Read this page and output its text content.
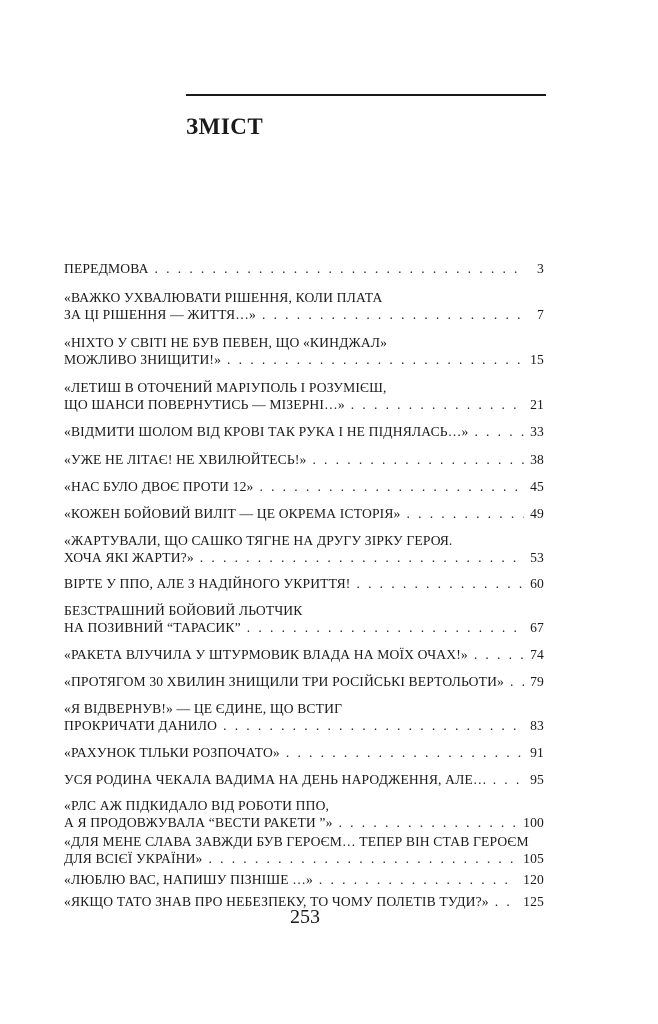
ЗМІСТ
ПЕРЕДМОВА . . .	3
«ВАЖКО УХВАЛЮВАТИ РІШЕННЯ, КОЛИ ПЛАТА
ЗА ЦІ РІШЕННЯ — ЖИТТЯ…» . . .	7
«НІХТО У СВІТІ НЕ БУВ ПЕВЕН, ЩО «КИНДЖАЛ»
МОЖЛИВО ЗНИЩИТИ!» . . .	15
«ЛЕТИШ В ОТОЧЕНИЙ МАРІУПОЛЬ І РОЗУМІЄШ,
ЩО ШАНСИ ПОВЕРНУТИСЬ — МІЗЕРНІ…» . . .	21
«ВІДМИТИ ШОЛОМ ВІД КРОВІ ТАК РУКА І НЕ ПІДНЯЛАСЬ…» . . .	33
«УЖЕ НЕ ЛІТАЄ! НЕ ХВИЛЮЙТЕСЬ!» . . .	38
«НАС БУЛО ДВОЄ ПРОТИ 12» . . .	45
«КОЖЕН БОЙОВИЙ ВИЛІТ — ЦЕ ОКРЕМА ІСТОРІЯ» . . .	49
«ЖАРТУВАЛИ, ЩО САШКО ТЯГНЕ НА ДРУГУ ЗІРКУ ГЕРОЯ.
ХОЧА ЯКІ ЖАРТИ?» . . .	53
ВІРТЕ У ППО, АЛЕ З НАДІЙНОГО УКРИТТЯ! . . .	60
БЕЗСТРАШНИЙ БОЙОВИЙ ЛЬОТЧИК
НА ПОЗИВНИЙ “ТАРАСИК” . . .	67
«РАКЕТА ВЛУЧИЛА У ШТУРМОВИК ВЛАДА НА МОЇХ ОЧАХ!» . . .	74
«ПРОТЯГОМ 30 ХВИЛИН ЗНИЩИЛИ ТРИ РОСІЙСЬКІ ВЕРТОЛЬОТИ» . . . 79
«Я ВІДВЕРНУВ!» — ЦЕ ЄДИНЕ, ЩО ВСТИГ
ПРОКРИЧАТИ ДАНИЛО . . .	83
«РАХУНОК ТІЛЬКИ РОЗПОЧАТО» . . .	91
УСЯ РОДИНА ЧЕКАЛА ВАДИМА НА ДЕНЬ НАРОДЖЕННЯ, АЛЕ… . . .	95
«РЛС АЖ ПІДКИДАЛО ВІД РОБОТИ ППО,
А Я ПРОДОВЖУВАЛА “ВЕСТИ РАКЕТИ ”» . . .	100
«ДЛЯ МЕНЕ СЛАВА ЗАВЖДИ БУВ ГЕРОЄМ… ТЕПЕР ВІН СТАВ ГЕРОЄМ
ДЛЯ ВСІЄЇ УКРАЇНИ» . . .	105
«ЛЮБЛЮ ВАС, НАПИШУ ПІЗНІШЕ …» . . .	120
«ЯКЩО ТАТО ЗНАВ ПРО НЕБЕЗПЕКУ, ТО ЧОМУ ПОЛЕТІВ ТУДИ?» . . .	125
253
